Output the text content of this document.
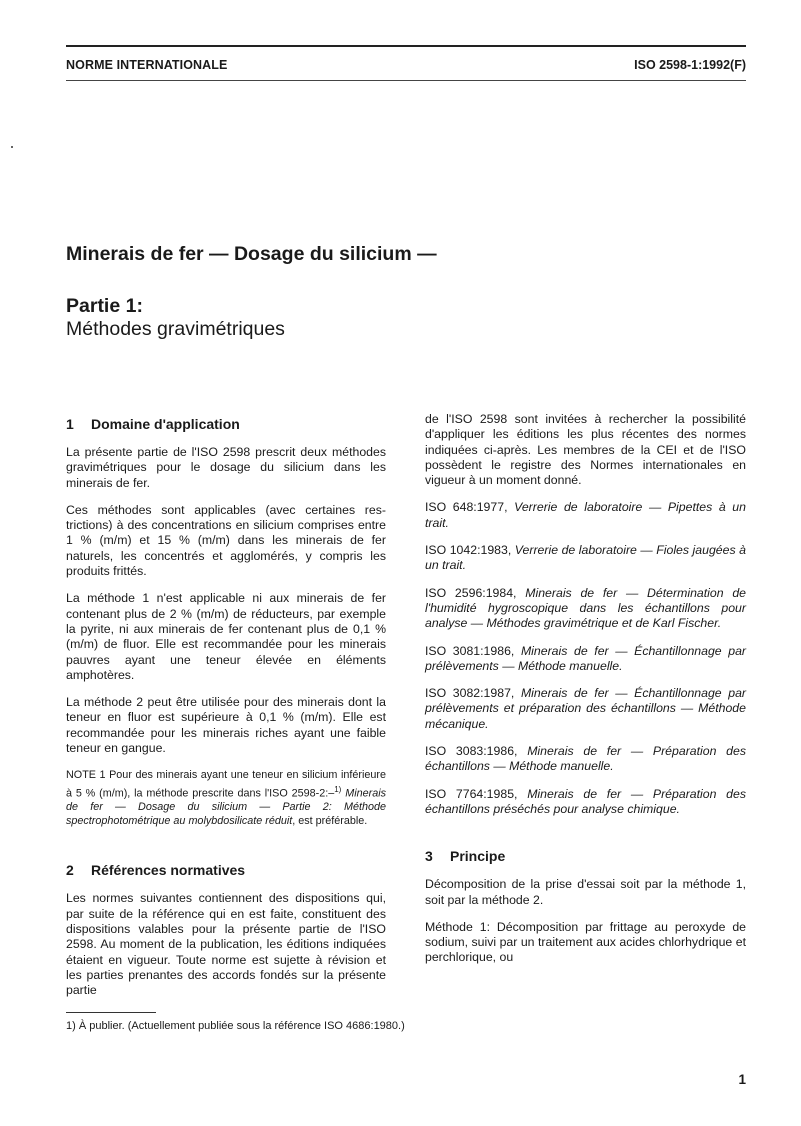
NORME INTERNATIONALE	ISO 2598-1:1992(F)
Minerais de fer — Dosage du silicium —
Partie 1:
Méthodes gravimétriques
1 Domaine d'application

La présente partie de l'ISO 2598 prescrit deux méthodes gravimétriques pour le dosage du silicium dans les minerais de fer.

Ces méthodes sont applicables (avec certaines restrictions) à des concentrations en silicium comprises entre 1 % (m/m) et 15 % (m/m) dans les minerais de fer naturels, les concentrés et agglomérés, y compris les produits frittés.

La méthode 1 n'est applicable ni aux minerais de fer contenant plus de 2 % (m/m) de réducteurs, par exemple la pyrite, ni aux minerais de fer contenant plus de 0,1 % (m/m) de fluor. Elle est recommandée pour les minerais pauvres ayant une teneur élevée en éléments amphotères.

La méthode 2 peut être utilisée pour des minerais dont la teneur en fluor est supérieure à 0,1 % (m/m). Elle est recommandée pour les minerais riches ayant une faible teneur en gangue.

NOTE 1 Pour des minerais ayant une teneur en silicium inférieure à 5 % (m/m), la méthode prescrite dans l'ISO 2598-2:–$^{1)}$ Minerais de fer — Dosage du silicium — Partie 2: Méthode spectrophotométrique au molybdosilicate réduit, est préférable.

2 Références normatives

Les normes suivantes contiennent des dispositions qui, par suite de la référence qui en est faite, constituent des dispositions valables pour la présente partie de l'ISO 2598. Au moment de la publication, les éditions indiquées étaient en vigueur. Toute norme est sujette à révision et les parties prenantes des accords fondés sur la présente partie

de l'ISO 2598 sont invitées à rechercher la possibilité d'appliquer les éditions les plus récentes des normes indiquées ci-après. Les membres de la CEI et de l'ISO possèdent le registre des Normes internationales en vigueur à un moment donné.

ISO 648:1977, Verrerie de laboratoire — Pipettes à un trait.

ISO 1042:1983, Verrerie de laboratoire — Fioles jaugées à un trait.

ISO 2596:1984, Minerais de fer — Détermination de l'humidité hygroscopique dans les échantillons pour analyse — Méthodes gravimétrique et de Karl Fischer.

ISO 3081:1986, Minerais de fer — Échantillonnage par prélèvements — Méthode manuelle.

ISO 3082:1987, Minerais de fer — Échantillonnage par prélèvements et préparation des échantillons — Méthode mécanique.

ISO 3083:1986, Minerais de fer — Préparation des échantillons — Méthode manuelle.

ISO 7764:1985, Minerais de fer — Préparation des échantillons préséchés pour analyse chimique.

3 Principe

Décomposition de la prise d'essai soit par la méthode 1, soit par la méthode 2.

Méthode 1: Décomposition par frittage au peroxyde de sodium, suivi par un traitement aux acides chlorhydrique et perchlorique, ou

1) À publier. (Actuellement publiée sous la référence ISO 4686:1980.)
1
